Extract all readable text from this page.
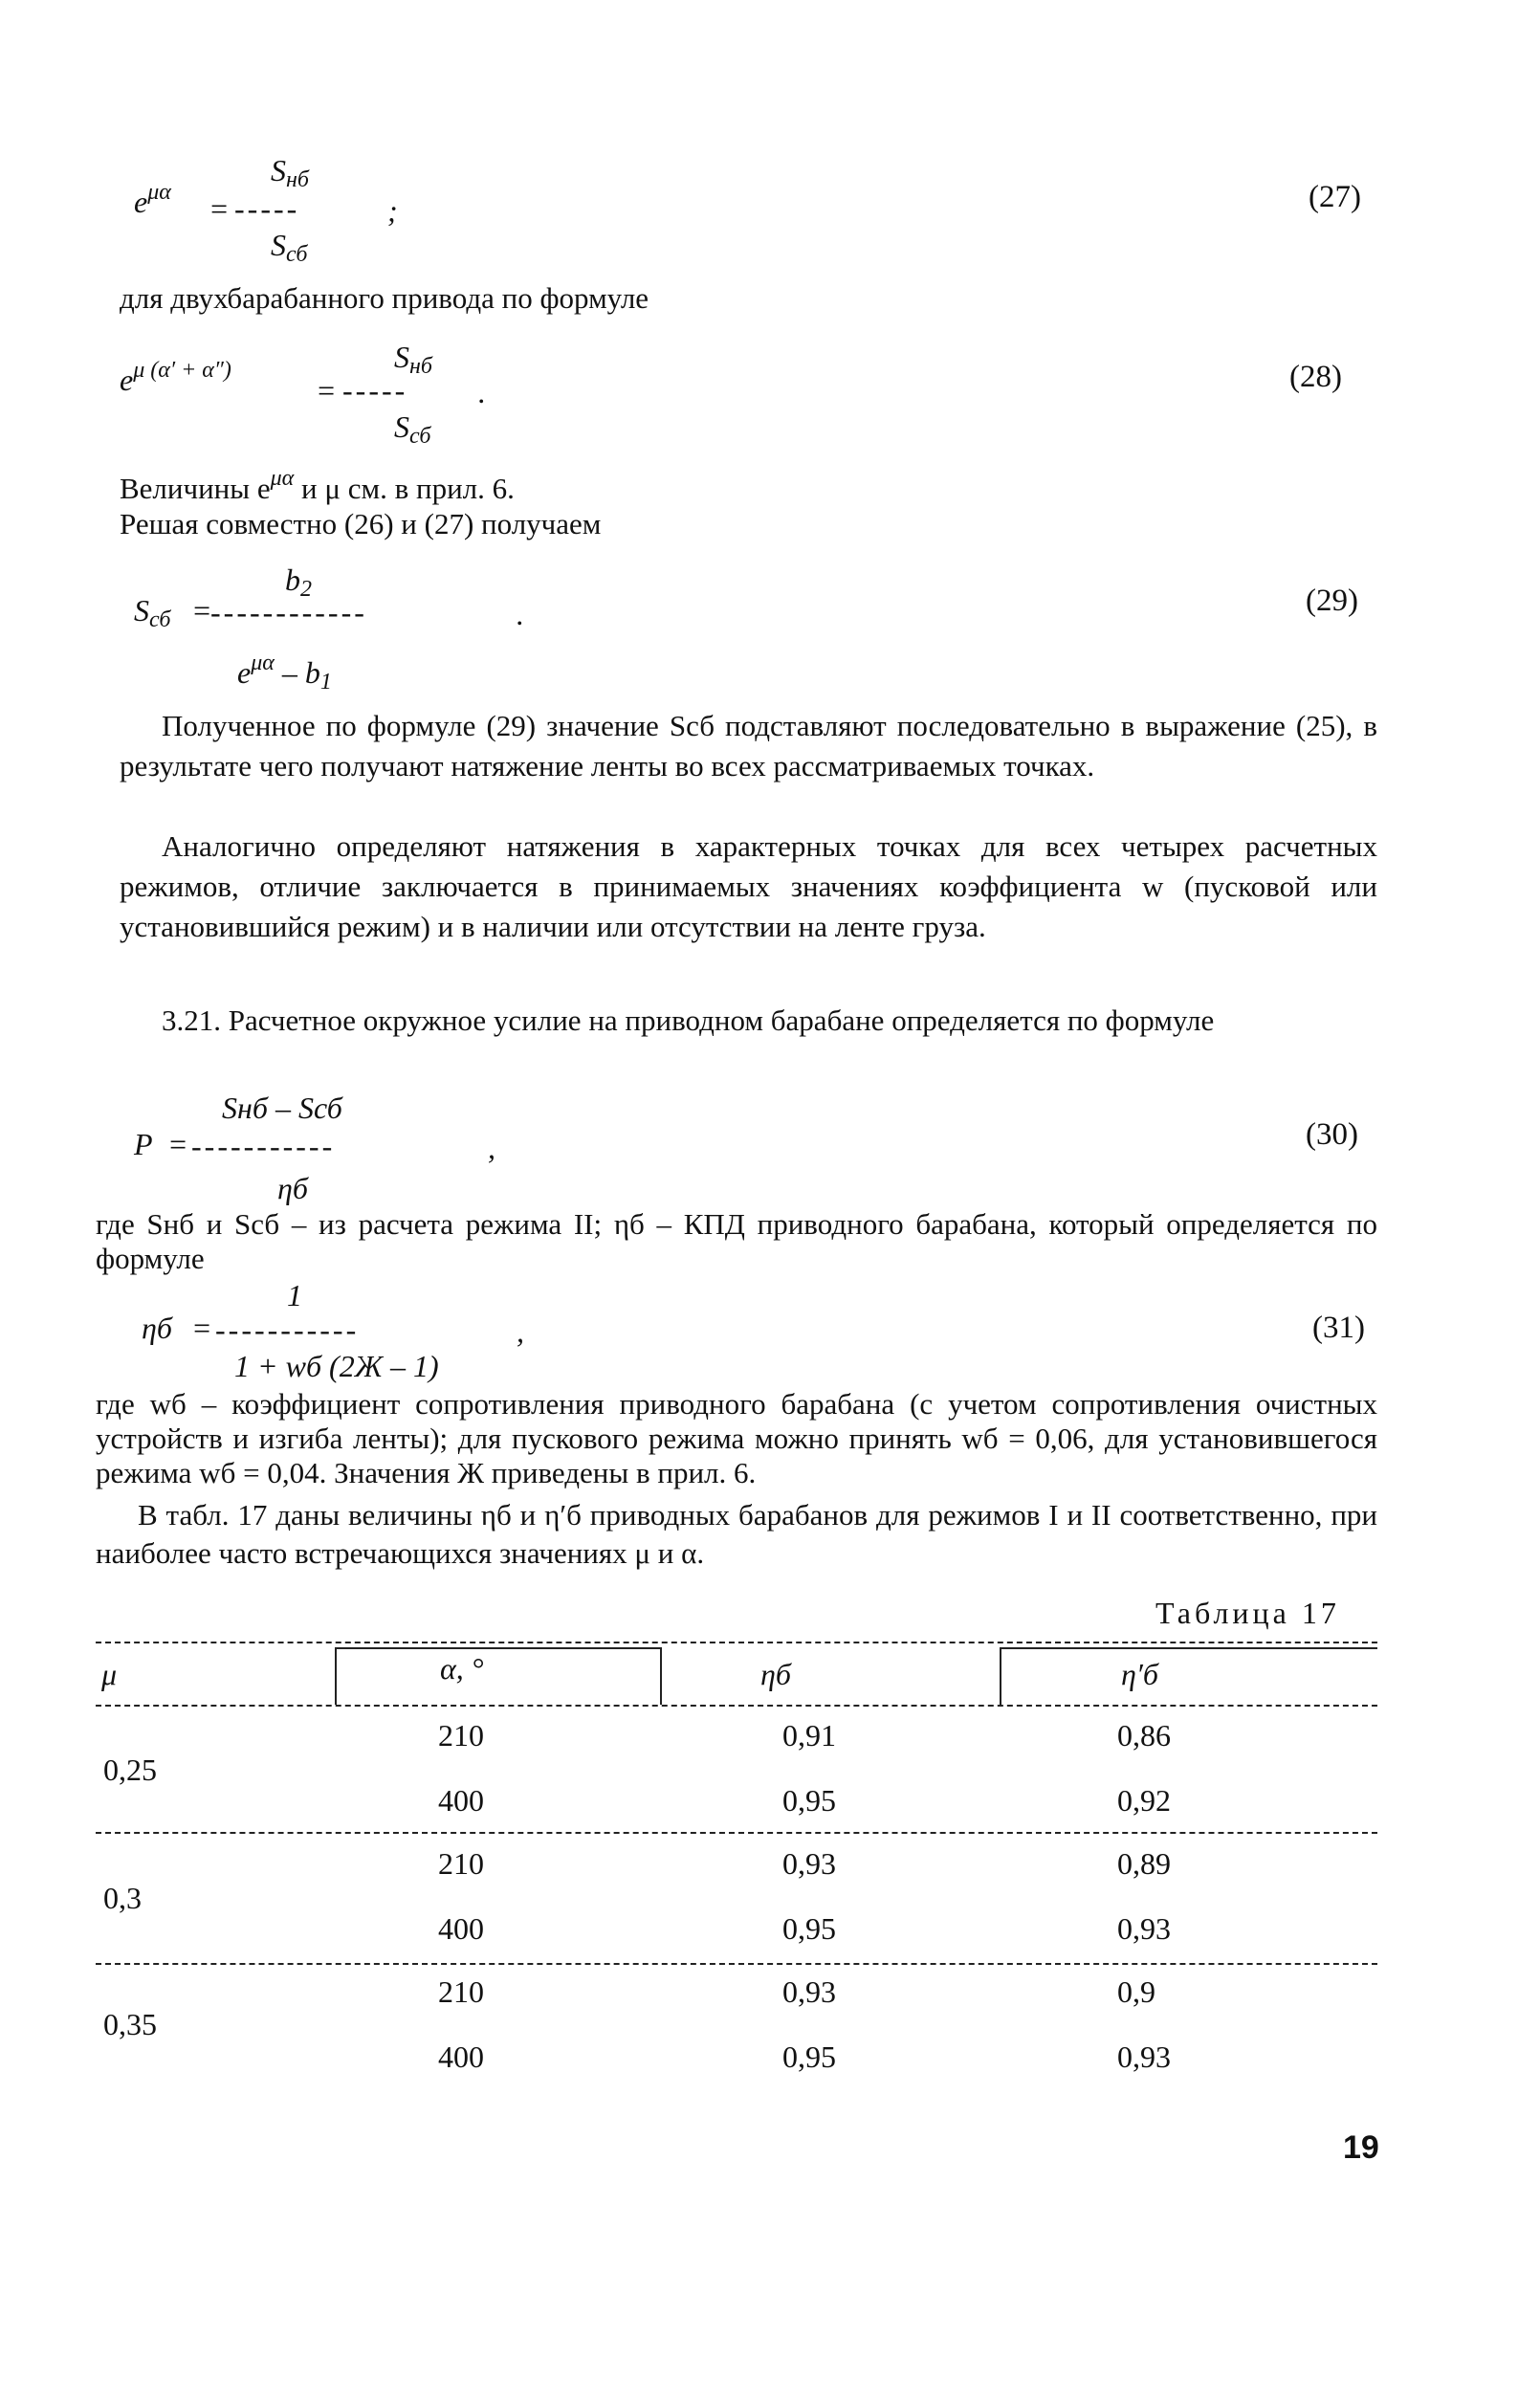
$S_{нб}$
$e^{\mu\alpha}$ = -----	;
$S_{сб}$
(27)
для двухбарабанного привода по формуле
$S_{нб}$
$e^{\mu (\alpha' + \alpha'')}$
= ----- .
$S_{сб}$
(28)
Величины $e^{\mu\alpha}$ и μ см. в прил. 6.
Решая совместно (26) и (27) получаем
$b_2$
$S_{сб}$ =
------------	.
$e^{\mu\alpha} - b_1$
(29)
Полученное по формуле (29) значение Sсб подставляют последовательно в выражение (25), в результате чего получают натяжение ленты во всех рассматриваемых точках.
Аналогично определяют натяжения в характерных точках для всех четырех расчетных режимов, отличие заключается в принимаемых значениях коэффициента w (пусковой или установившийся режим) и в наличии или отсутствии на ленте груза.
3.21. Расчетное окружное усилие на приводном барабане определяется по формуле
Sнб – Sсб
P = -----------	,
ηб
(30)
где Sнб и Sсб – из расчета режима II; ηб – КПД приводного барабана, который определяется по формуле
1
ηб = -----------	,
1 + wб (2Ж – 1)
(31)
где wб – коэффициент сопротивления приводного барабана (с учетом сопротивления очистных устройств и изгиба ленты); для пускового режима можно принять wб = 0,06, для установившегося режима wб = 0,04. Значения Ж приведены в прил. 6.
В табл. 17 даны величины ηб и η′б приводных барабанов для режимов I и II соответственно, при наиболее часто встречающихся значениях μ и α.
Таблица 17
μ	α, °	ηб	η′б
0,25
210	0,91	0,86
400	0,95	0,92
0,3
210	0,93	0,89
400	0,95	0,93
0,35
210	0,93	0,9
400	0,95	0,93
19
